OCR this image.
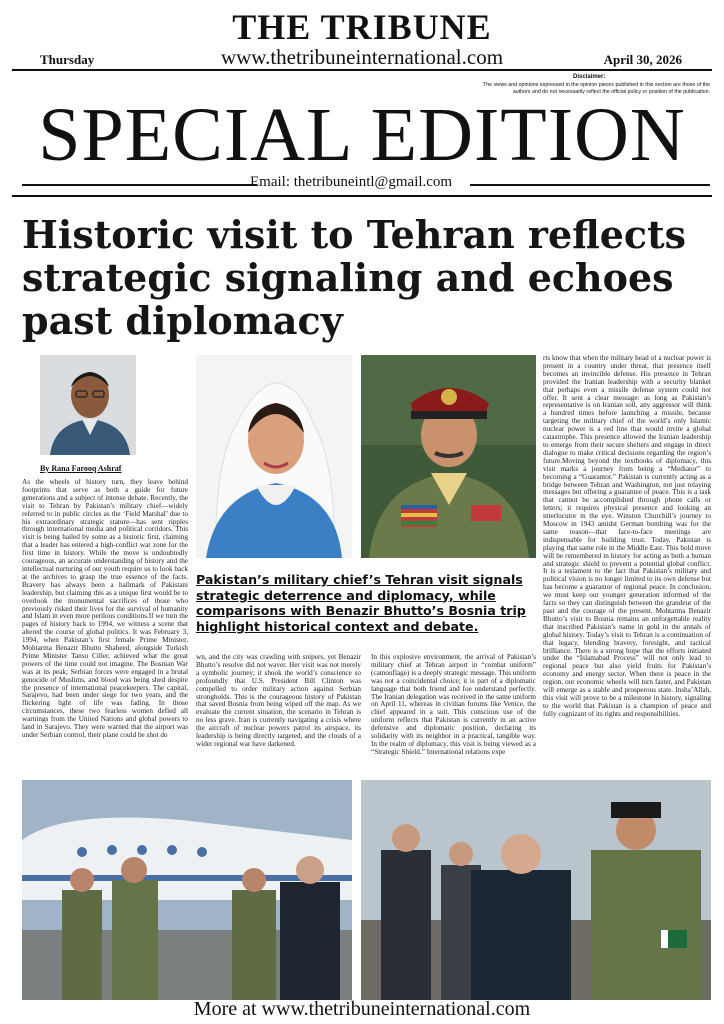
THE TRIBUNE
Thursday	www.thetribuneinternational.com	April 30, 2026
Disclaimer:
The views and opinions expressed in the opinion pieces published in this section are those of the authors and do not necessarily reflect the official policy or position of the publication.
SPECIAL EDITION
Email: thetribuneintl@gmail.com
Historic visit to Tehran reflects strategic signaling and echoes past diplomacy
By Rana Farooq Ashraf
Pakistan’s military chief’s Tehran visit signals strategic deterrence and diplomacy, while comparisons with Benazir Bhutto’s Bosnia trip highlight historical context and debate.
As the wheels of history turn, they leave behind footprints that serve as both a guide for future generations and a subject of intense debate. Recently, the visit to Tehran by Pakistan’s military chief—widely referred to in public circles as the ‘Field Marshal’ due to his extraordinary strategic stature—has sent ripples through international media and political corridors. This visit is being hailed by some as a historic first, claiming that a leader has entered a high-conflict war zone for the first time in history. While the move is undoubtedly courageous, an accurate understanding of history and the intellectual nurturing of our youth require us to look back at the archives to grasp the true essence of the facts. Bravery has always been a hallmark of Pakistani leadership, but claiming this as a unique first would be to overlook the monumental sacrifices of those who previously risked their lives for the survival of humanity and Islam in even more perilous conditions.If we turn the pages of history back to 1994, we witness a scene that altered the course of global politics. It was February 3, 1994, when Pakistan’s first female Prime Minister, Mohtarma Benazir Bhutto Shaheed, alongside Turkish Prime Minister Tansu Ciller, achieved what the great powers of the time could not imagine. The Bosnian War was at its peak; Serbian forces were engaged in a brutal genocide of Muslims, and blood was being shed despite the presence of international peacekeepers. The capital, Sarajevo, had been under siege for two years, and the flickering light of life was fading. In those circumstances, these two fearless women defied all warnings from the United Nations and global powers to land in Sarajevo. They were warned that the airport was under Serbian control, their plane could be shot do
wn, and the city was crawling with snipers, yet Benazir Bhutto’s resolve did not waver. Her visit was not merely a symbolic journey; it shook the world’s conscience so profoundly that U.S. President Bill Clinton was compelled to order military action against Serbian strongholds. This is the courageous history of Pakistan that saved Bosnia from being wiped off the map. As we evaluate the current situation, the scenario in Tehran is no less grave. Iran is currently navigating a crisis where the aircraft of nuclear powers patrol its airspace, its leadership is being directly targeted, and the clouds of a wider regional war have darkened.
In this explosive environment, the arrival of Pakistan’s military chief at Tehran airport in “combat uniform” (camouflage) is a deeply strategic message. This uniform was not a coincidental choice; it is part of a diplomatic language that both friend and foe understand perfectly. The Iranian delegation was received in the same uniform on April 11, whereas in civilian forums like Venice, the chief appeared in a suit. This conscious use of the uniform reflects that Pakistan is currently in an active defensive and diplomatic position, declaring its solidarity with its neighbor in a practical, tangible way. In the realm of diplomacy, this visit is being viewed as a “Strategic Shield.” International relations expe
rts know that when the military head of a nuclear power is present in a country under threat, that presence itself becomes an invincible defense. His presence in Tehran provided the Iranian leadership with a security blanket that perhaps even a missile defense system could not offer. It sent a clear message: as long as Pakistan’s representative is on Iranian soil, any aggressor will think a hundred times before launching a missile, because targeting the military chief of the world’s only Islamic nuclear power is a red line that would invite a global catastrophe. This presence allowed the Iranian leadership to emerge from their secure shelters and engage in direct dialogue to make critical decisions regarding the region’s future.Moving beyond the textbooks of diplomacy, this visit marks a journey from being a “Mediator” to becoming a “Guarantor.” Pakistan is currently acting as a bridge between Tehran and Washington, not just relaying messages but offering a guarantee of peace. This is a task that cannot be accomplished through phone calls or letters; it requires physical presence and looking an interlocutor in the eye. Winston Churchill’s journey to Moscow in 1943 amidst German bombing was for the same reason—that face-to-face meetings are indispensable for building trust. Today, Pakistan is playing that same role in the Middle East. This bold move will be remembered in history for acting as both a human and strategic shield to prevent a potential global conflict. It is a testament to the fact that Pakistan’s military and political vision is no longer limited to its own defense but has become a guarantor of regional peace. In conclusion, we must keep our younger generation informed of the facts so they can distinguish between the grandeur of the past and the courage of the present. Mohtarma Benazir Bhutto’s visit to Bosnia remains an unforgettable reality that inscribed Pakistan’s name in gold in the annals of global history. Today’s visit to Tehran is a continuation of that legacy, blending bravery, foresight, and tactical brilliance. There is a strong hope that the efforts initiated under the “Islamabad Process” will not only lead to regional peace but also yield fruits for Pakistan’s economy and energy sector. When there is peace in the region, our economic wheels will turn faster, and Pakistan will emerge as a stable and prosperous state. Insha’Allah, this visit will prove to be a milestone in history, signaling to the world that Pakistan is a champion of peace and fully cognizant of its rights and responsibilities.
More at www.thetribuneinternational.com
